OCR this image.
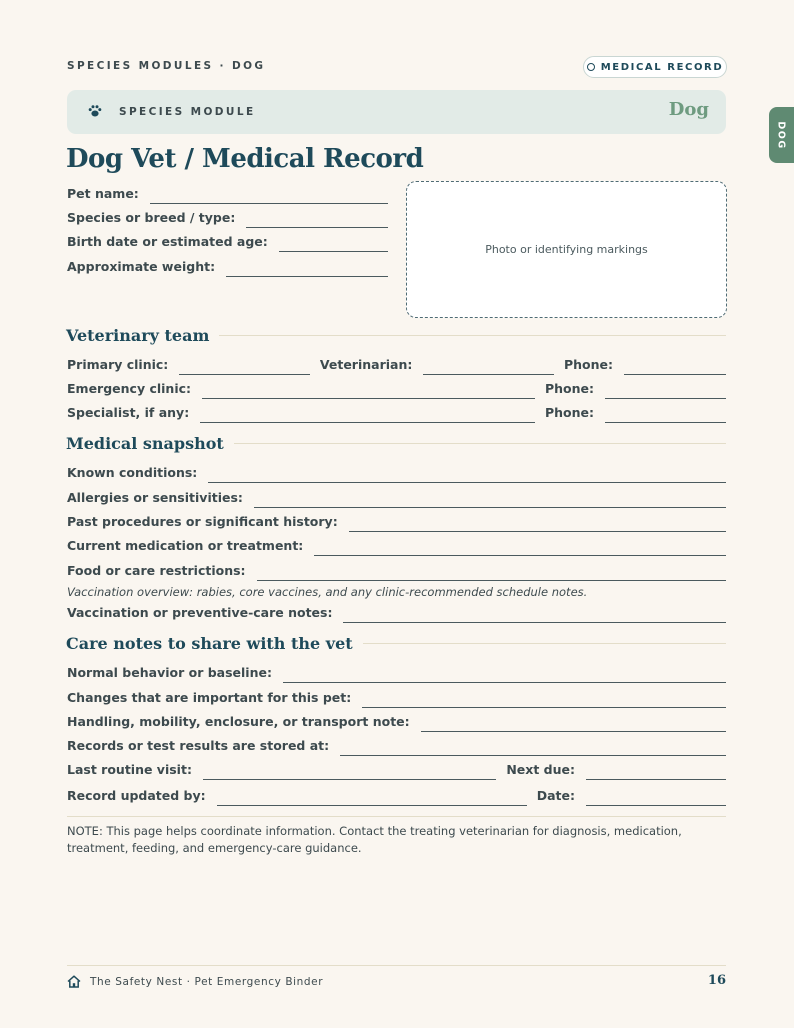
SPECIES MODULES · DOG	MEDICAL RECORD
SPECIES MODULE	Dog
DOG
Dog Vet / Medical Record
Pet name:
Species or breed / type:
Birth date or estimated age:
Approximate weight:
Photo or identifying markings
Veterinary team
Primary clinic:	Veterinarian:	Phone:
Emergency clinic:	Phone:
Specialist, if any:	Phone:
Medical snapshot
Known conditions:
Allergies or sensitivities:
Past procedures or significant history:
Current medication or treatment:
Food or care restrictions:
Vaccination overview: rabies, core vaccines, and any clinic-recommended schedule notes.
Vaccination or preventive-care notes:
Care notes to share with the vet
Normal behavior or baseline:
Changes that are important for this pet:
Handling, mobility, enclosure, or transport note:
Records or test results are stored at:
Last routine visit:	Next due:
Record updated by:	Date:
NOTE: This page helps coordinate information. Contact the treating veterinarian for diagnosis, medication, treatment, feeding, and emergency-care guidance.
The Safety Nest · Pet Emergency Binder	16
